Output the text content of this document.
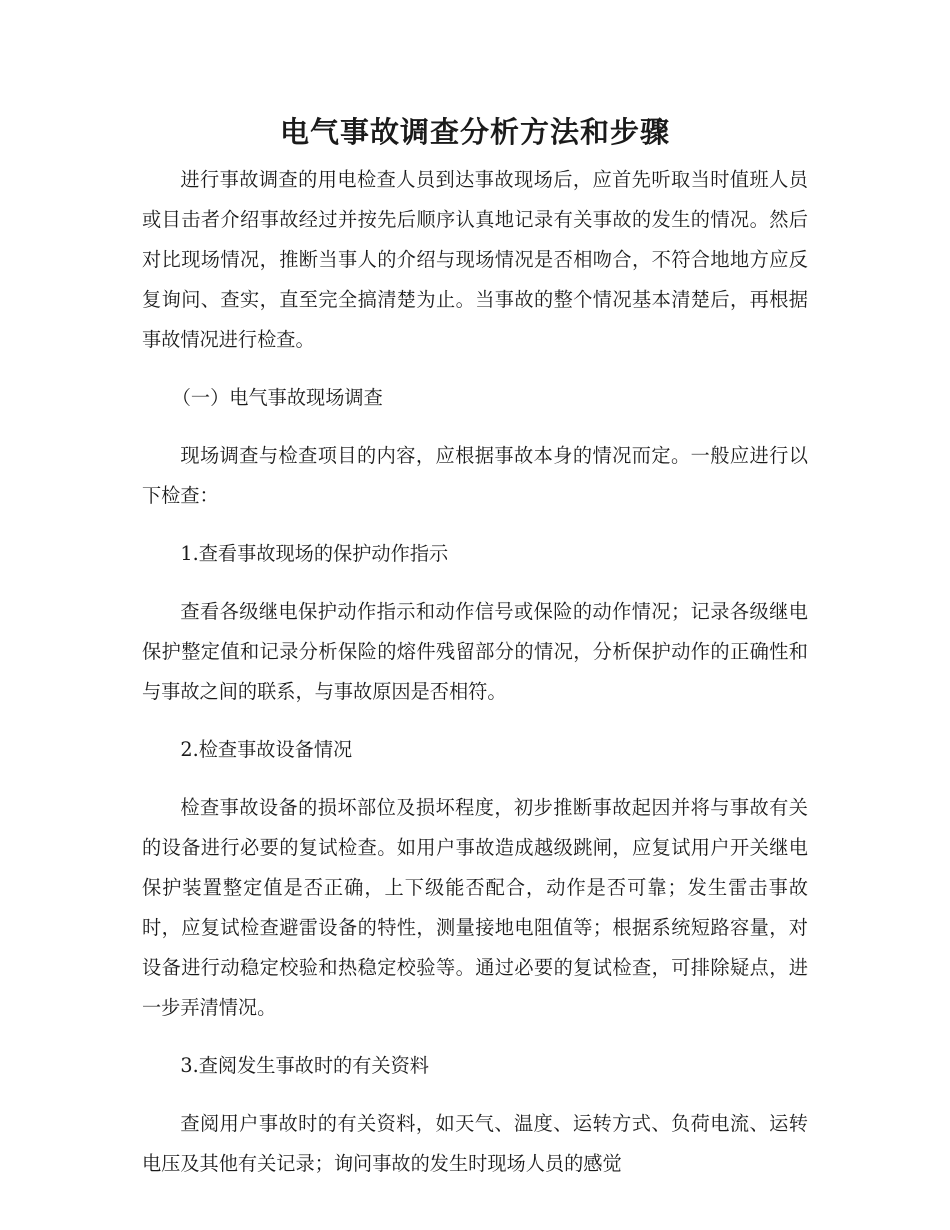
电气事故调查分析方法和步骤

进行事故调查的用电检查人员到达事故现场后，应首先听取当时值班人员或目击者介绍事故经过并按先后顺序认真地记录有关事故的发生的情况。然后对比现场情况，推断当事人的介绍与现场情况是否相吻合，不符合地地方应反复询问、查实，直至完全搞清楚为止。当事故的整个情况基本清楚后，再根据事故情况进行检查。

（一）电气事故现场调查

现场调查与检查项目的内容，应根据事故本身的情况而定。一般应进行以下检查：

1.查看事故现场的保护动作指示

查看各级继电保护动作指示和动作信号或保险的动作情况；记录各级继电保护整定值和记录分析保险的熔件残留部分的情况，分析保护动作的正确性和与事故之间的联系，与事故原因是否相符。

2.检查事故设备情况

检查事故设备的损坏部位及损坏程度，初步推断事故起因并将与事故有关的设备进行必要的复试检查。如用户事故造成越级跳闸，应复试用户开关继电保护装置整定值是否正确，上下级能否配合，动作是否可靠；发生雷击事故时，应复试检查避雷设备的特性，测量接地电阻值等；根据系统短路容量，对设备进行动稳定校验和热稳定校验等。通过必要的复试检查，可排除疑点，进一步弄清情况。

3.查阅发生事故时的有关资料

查阅用户事故时的有关资料，如天气、温度、运转方式、负荷电流、运转电压及其他有关记录；询问事故的发生时现场人员的感觉
